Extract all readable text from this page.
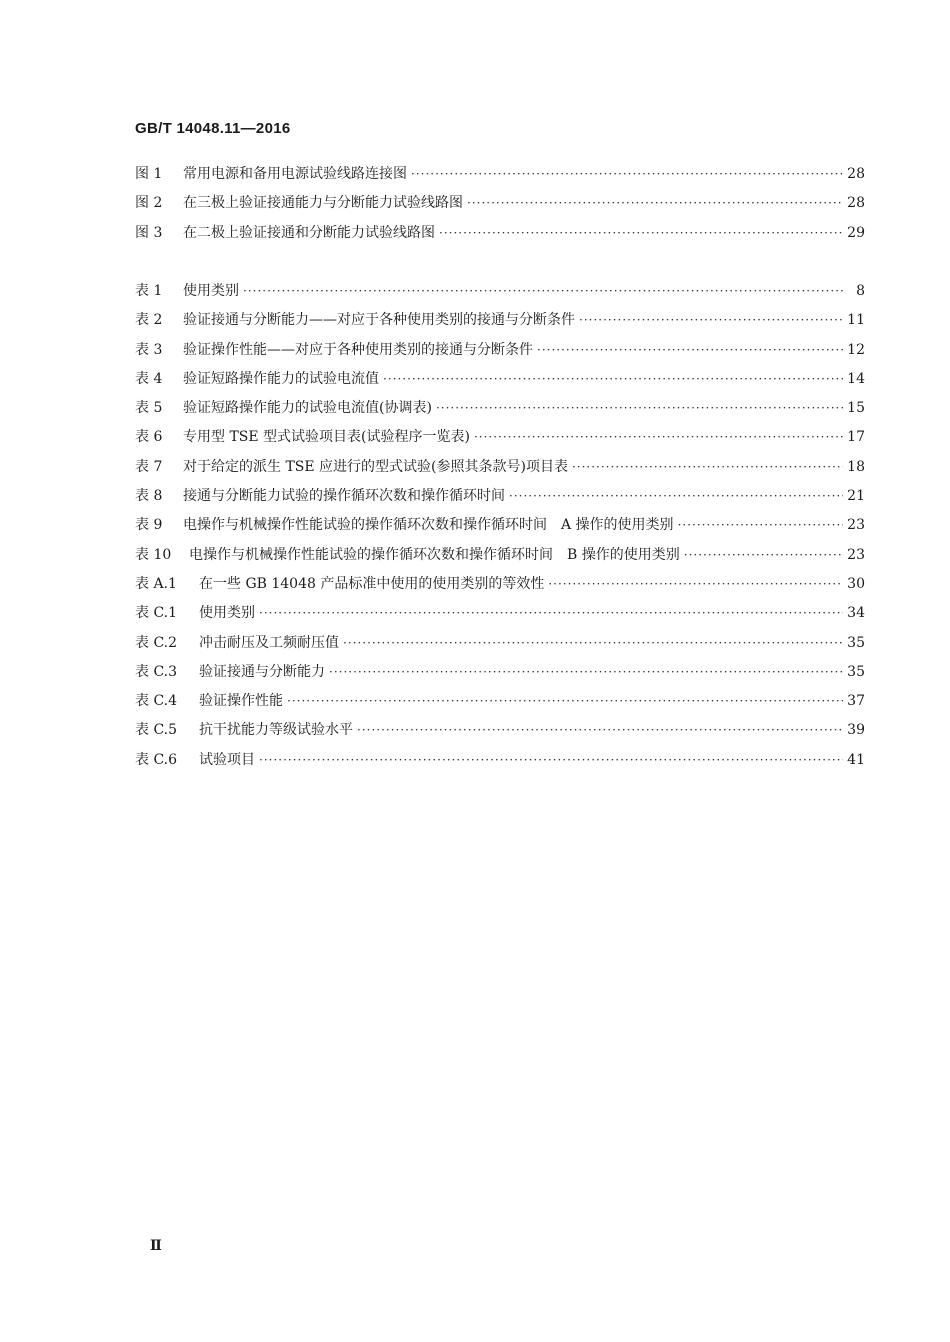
GB/T 14048.11—2016
图 1	常用电源和备用电源试验线路连接图 ·····	28
图 2	在三极上验证接通能力与分断能力试验线路图 ·····	28
图 3	在二极上验证接通和分断能力试验线路图 ·····	29
表 1	使用类别 ·····	8
表 2	验证接通与分断能力——对应于各种使用类别的接通与分断条件 ·····	11
表 3	验证操作性能——对应于各种使用类别的接通与分断条件 ·····	12
表 4	验证短路操作能力的试验电流值 ·····	14
表 5	验证短路操作能力的试验电流值(协调表) ·····	15
表 6	专用型 TSE 型式试验项目表(试验程序一览表) ·····	17
表 7	对于给定的派生 TSE 应进行的型式试验(参照其条款号)项目表 ·····	18
表 8	接通与分断能力试验的操作循环次数和操作循环时间 ·····	21
表 9	电操作与机械操作性能试验的操作循环次数和操作循环时间　A 操作的使用类别 ·····	23
表 10	电操作与机械操作性能试验的操作循环次数和操作循环时间　B 操作的使用类别 ·····	23
表 A.1	在一些 GB 14048 产品标准中使用的使用类别的等效性 ·····	30
表 C.1	使用类别 ·····	34
表 C.2	冲击耐压及工频耐压值 ·····	35
表 C.3	验证接通与分断能力 ·····	35
表 C.4	验证操作性能 ·····	37
表 C.5	抗干扰能力等级试验水平 ·····	39
表 C.6	试验项目 ·····	41
Ⅱ
